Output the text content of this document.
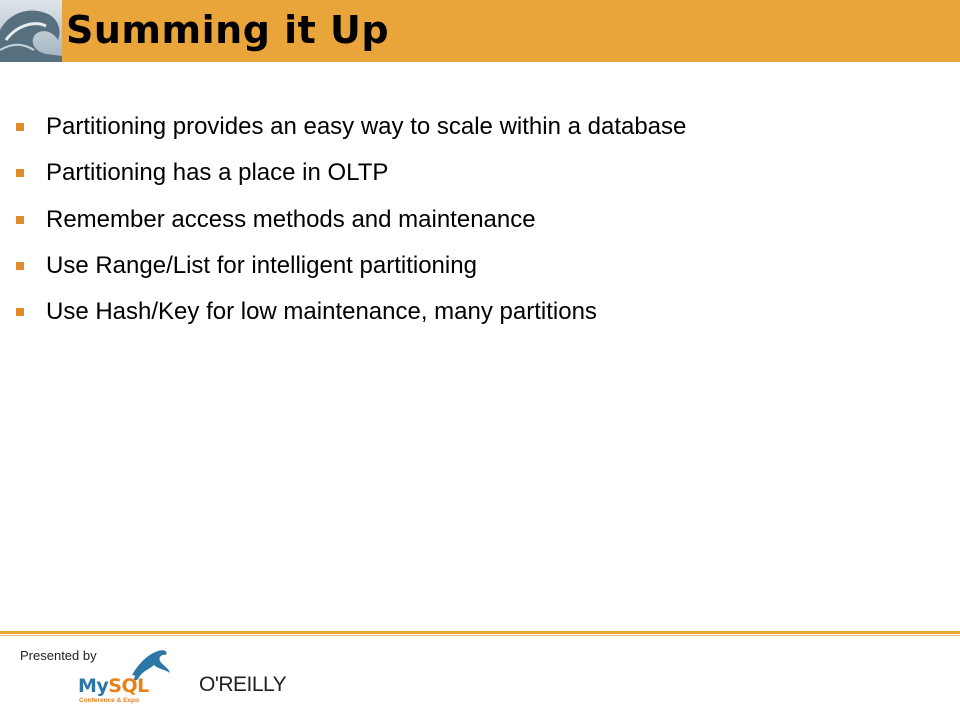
Summing it Up
Partitioning provides an easy way to scale within a database
Partitioning has a place in OLTP
Remember access methods and maintenance
Use Range/List for intelligent partitioning
Use Hash/Key for low maintenance, many partitions
Presented by
MySQL
Conference & Expo
O'REILLY
